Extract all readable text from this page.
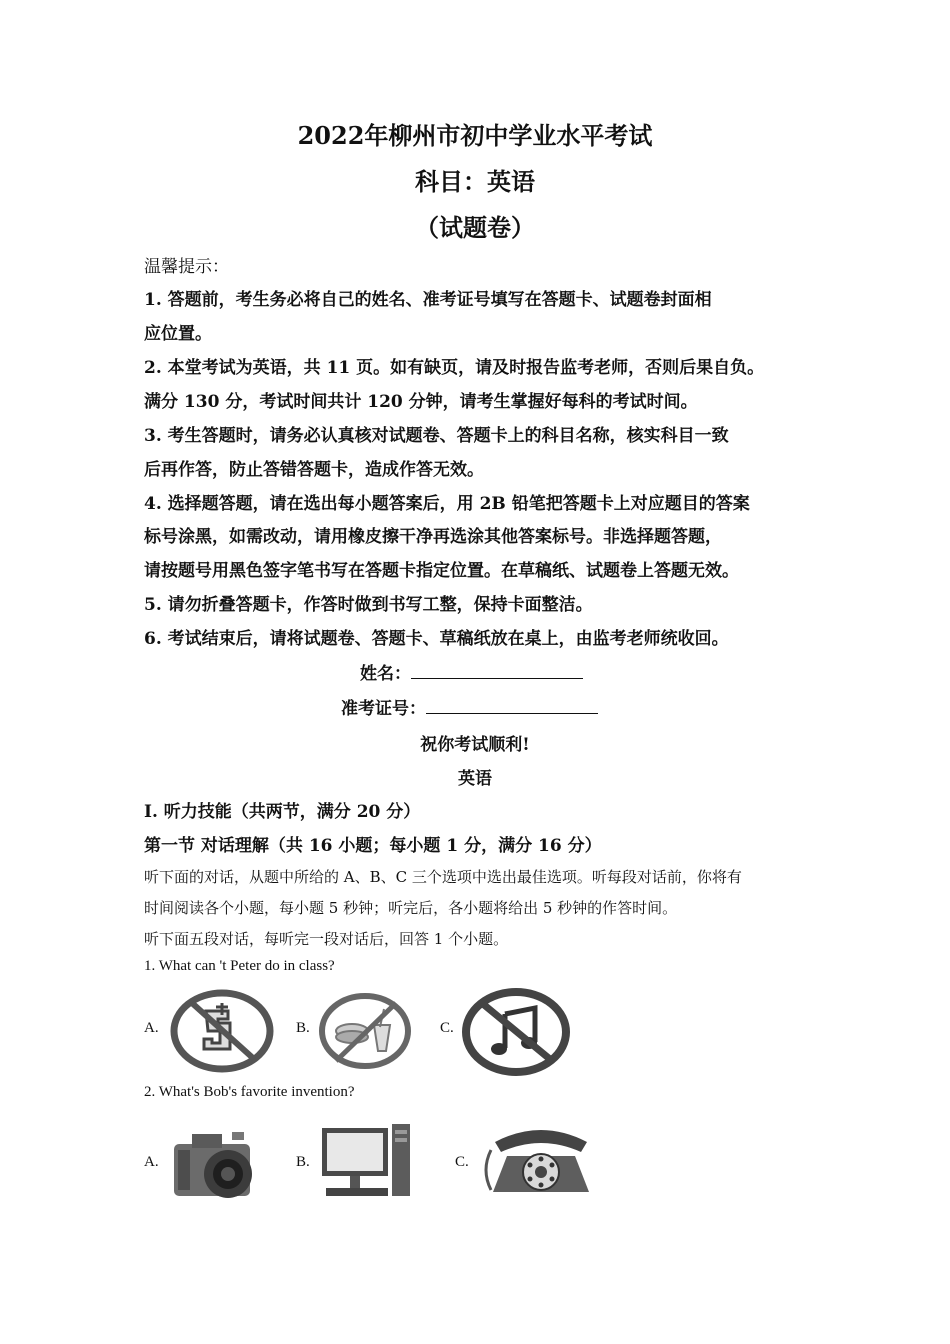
2022年柳州市初中学业水平考试
科目：英语
（试题卷）
温馨提示：
1. 答题前，考生务必将自己的姓名、准考证号填写在答题卡、试题卷封面相
应位置。
2. 本堂考试为英语，共 11 页。如有缺页，请及时报告监考老师，否则后果自负。
满分 130 分，考试时间共计 120 分钟，请考生掌握好每科的考试时间。
3. 考生答题时，请务必认真核对试题卷、答题卡上的科目名称，核实科目一致
后再作答，防止答错答题卡，造成作答无效。
4. 选择题答题，请在选出每小题答案后，用 2B 铅笔把答题卡上对应题目的答案
标号涂黑，如需改动，请用橡皮擦干净再选涂其他答案标号。非选择题答题，
请按题号用黑色签字笔书写在答题卡指定位置。在草稿纸、试题卷上答题无效。
5. 请勿折叠答题卡，作答时做到书写工整，保持卡面整洁。
6. 考试结束后，请将试题卷、答题卡、草稿纸放在桌上，由监考老师统收回。
姓名：
准考证号：
祝你考试顺利!
英语
I. 听力技能（共两节，满分 20 分）
第一节 对话理解（共 16 小题；每小题 1 分，满分 16 分）
听下面的对话，从题中所给的 A、B、C 三个选项中选出最佳选项。听每段对话前，你将有
时间阅读各个小题，每小题 5 秒钟；听完后，各小题将给出 5 秒钟的作答时间。
听下面五段对话，每听完一段对话后，回答 1 个小题。
1. What can 't Peter do in class?
A.	B.	C.
2. What's Bob's favorite invention?
A.	B.	C.
